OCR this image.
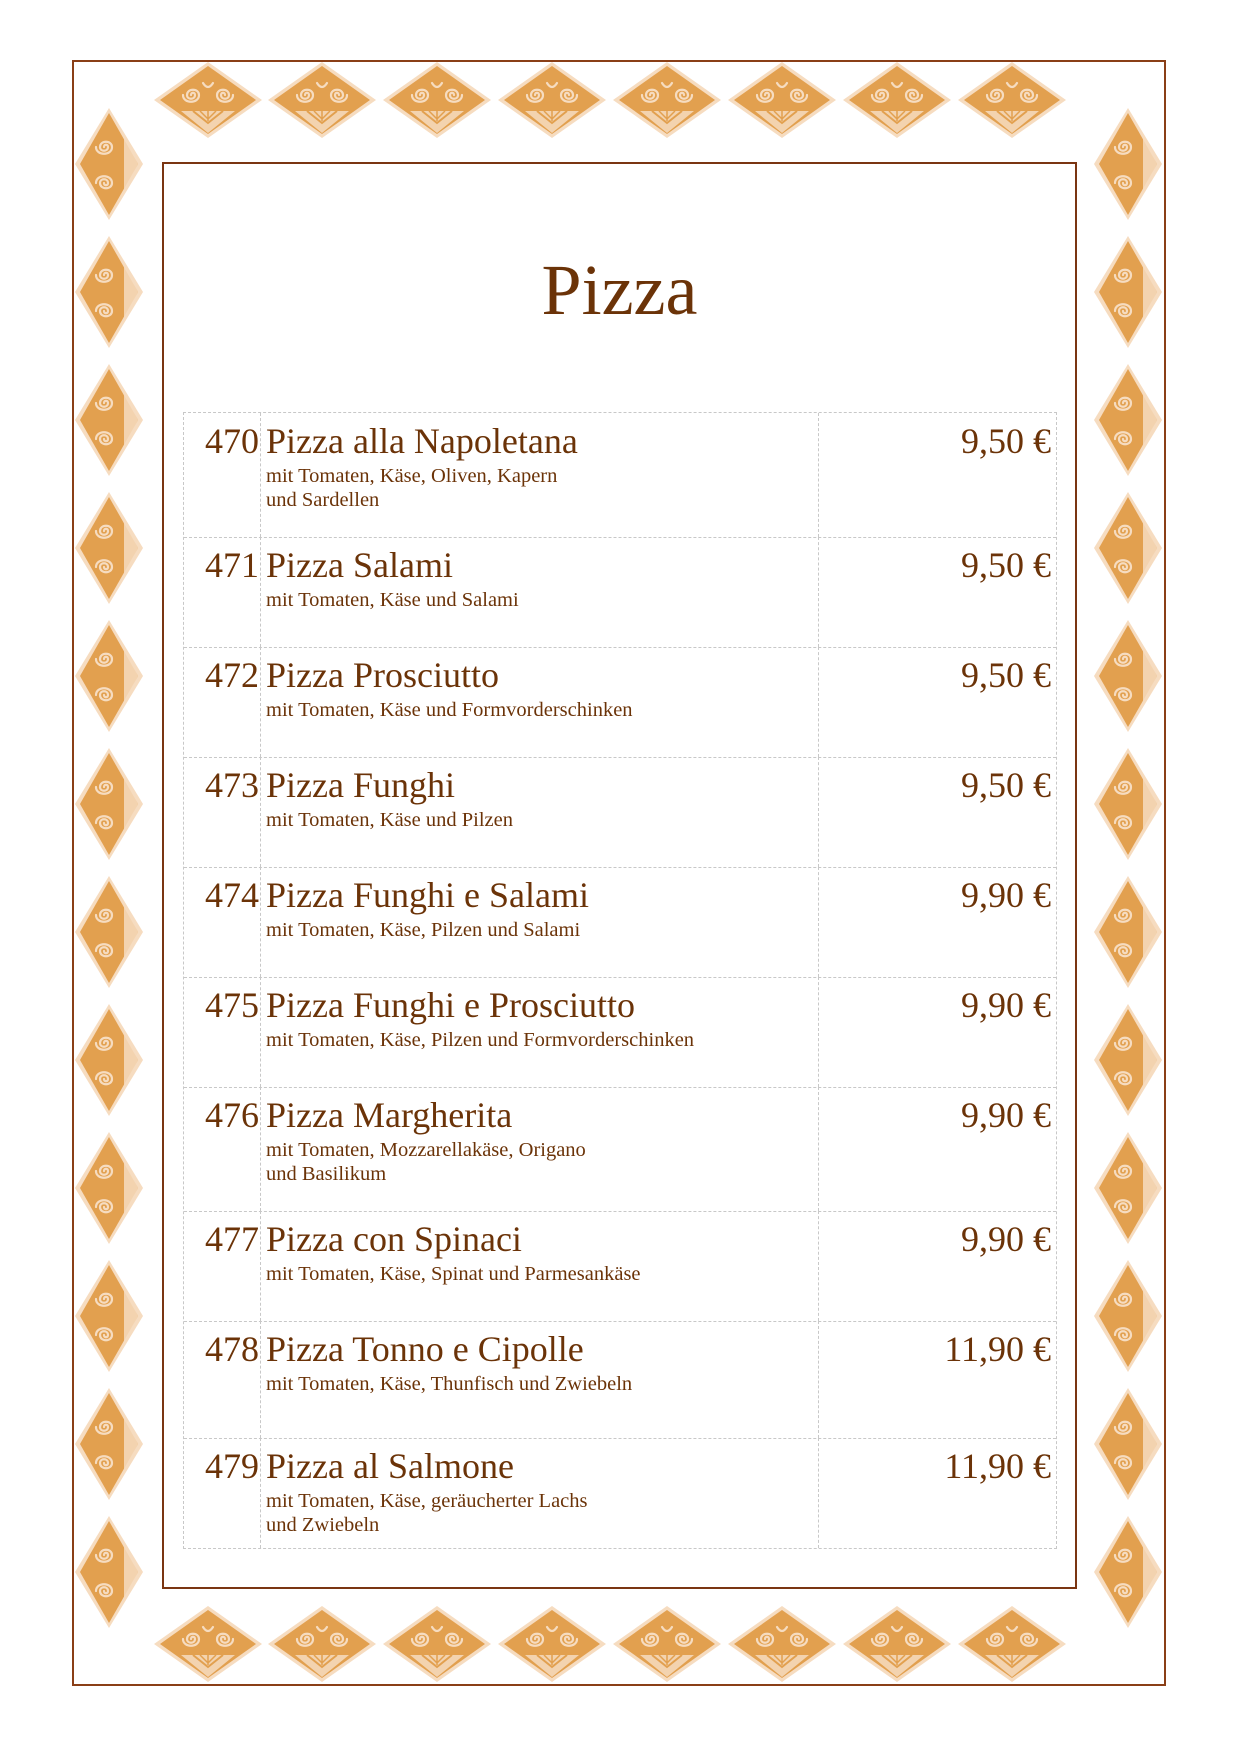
Pizza
470 Pizza alla Napoletana
mit Tomaten, Käse, Oliven, Kapern
und Sardellen
9,50 €
471 Pizza Salami
mit Tomaten, Käse und Salami
9,50 €
472 Pizza Prosciutto
mit Tomaten, Käse und Formvorderschinken
9,50 €
473 Pizza Funghi
mit Tomaten, Käse und Pilzen
9,50 €
474 Pizza Funghi e Salami
mit Tomaten, Käse, Pilzen und Salami
9,90 €
475 Pizza Funghi e Prosciutto
mit Tomaten, Käse, Pilzen und Formvorderschinken
9,90 €
476 Pizza Margherita
mit Tomaten, Mozzarellakäse, Origano
und Basilikum
9,90 €
477 Pizza con Spinaci
mit Tomaten, Käse, Spinat und Parmesankäse
9,90 €
478 Pizza Tonno e Cipolle
mit Tomaten, Käse, Thunfisch und Zwiebeln
11,90 €
479 Pizza al Salmone
mit Tomaten, Käse, geräucherter Lachs
und Zwiebeln
11,90 €
